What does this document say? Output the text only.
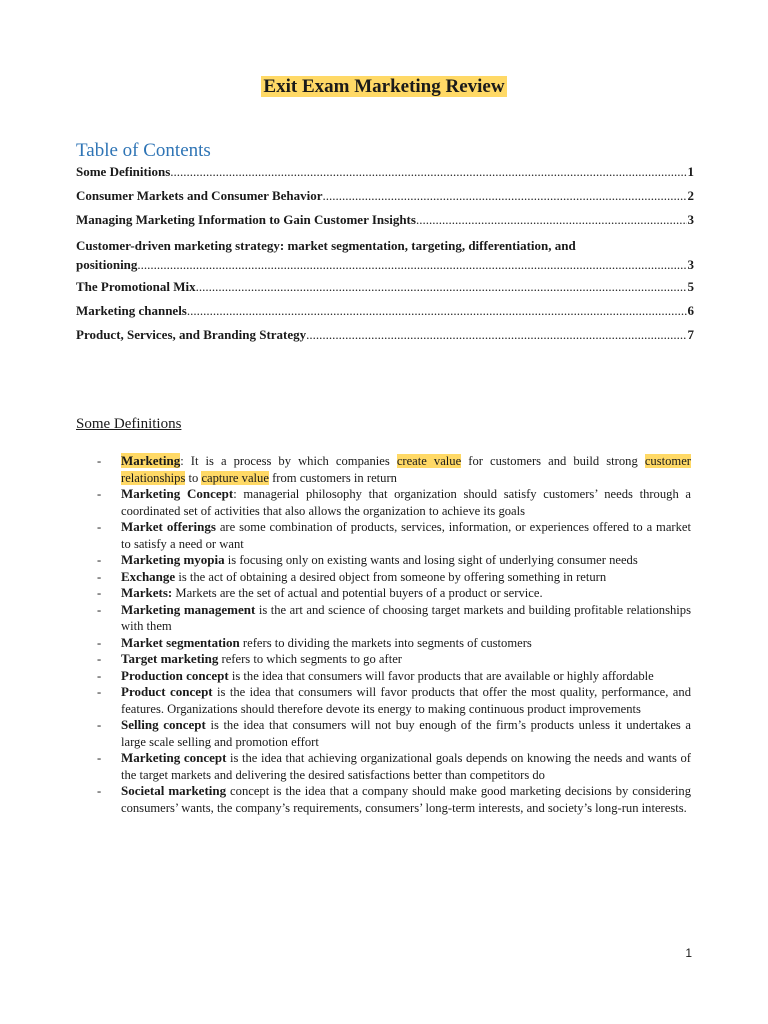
Exit Exam Marketing Review
Table of Contents
Some Definitions .....	1
Consumer Markets and Consumer Behavior .....	2
Managing Marketing Information to Gain Customer Insights .....	3
Customer-driven marketing strategy: market segmentation, targeting, differentiation, and
positioning .....	3
The Promotional Mix .....	5
Marketing channels .....	6
Product, Services, and Branding Strategy .....	7
Some Definitions
- Marketing: It is a process by which companies create value for customers and build strong customer relationships to capture value from customers in return
- Marketing Concept: managerial philosophy that organization should satisfy customers’ needs through a coordinated set of activities that also allows the organization to achieve its goals
- Market offerings are some combination of products, services, information, or experiences offered to a market to satisfy a need or want
- Marketing myopia is focusing only on existing wants and losing sight of underlying consumer needs
- Exchange is the act of obtaining a desired object from someone by offering something in return
- Markets: Markets are the set of actual and potential buyers of a product or service.
- Marketing management is the art and science of choosing target markets and building profitable relationships with them
- Market segmentation refers to dividing the markets into segments of customers
- Target marketing refers to which segments to go after
- Production concept is the idea that consumers will favor products that are available or highly affordable
- Product concept is the idea that consumers will favor products that offer the most quality, performance, and features. Organizations should therefore devote its energy to making continuous product improvements
- Selling concept is the idea that consumers will not buy enough of the firm’s products unless it undertakes a large scale selling and promotion effort
- Marketing concept is the idea that achieving organizational goals depends on knowing the needs and wants of the target markets and delivering the desired satisfactions better than competitors do
- Societal marketing concept is the idea that a company should make good marketing decisions by considering consumers’ wants, the company’s requirements, consumers’ long-term interests, and society’s long-run interests.
1
